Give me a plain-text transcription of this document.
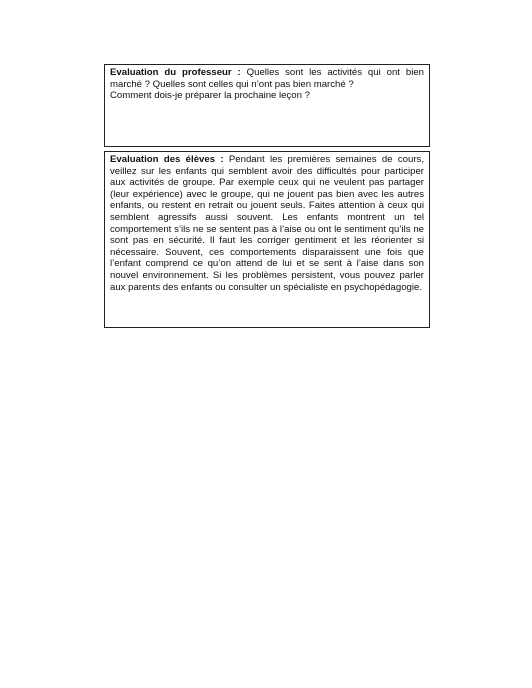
Evaluation du professeur : Quelles sont les activités qui ont bien marché ? Quelles sont celles qui n’ont pas bien marché ?

Comment dois-je préparer la prochaine leçon ?

Evaluation des élèves : Pendant les premières semaines de cours, veillez sur les enfants qui semblent avoir des difficultés pour participer aux activités de groupe. Par exemple ceux qui ne veulent pas partager (leur expérience) avec le groupe, qui ne jouent pas bien avec les autres enfants, ou restent en retrait ou jouent seuls. Faites attention à ceux qui semblent agressifs aussi souvent. Les enfants montrent un tel comportement s’ils ne se sentent pas à l’aise ou ont le sentiment qu’ils ne sont pas en sécurité. Il faut les corriger gentiment et les réorienter si nécessaire. Souvent, ces comportements disparaissent une fois que l’enfant comprend ce qu’on attend de lui et se sent à l’aise dans son nouvel environnement. Si les problèmes persistent, vous pouvez parler aux parents des enfants ou consulter un spécialiste en psychopédagogie.
